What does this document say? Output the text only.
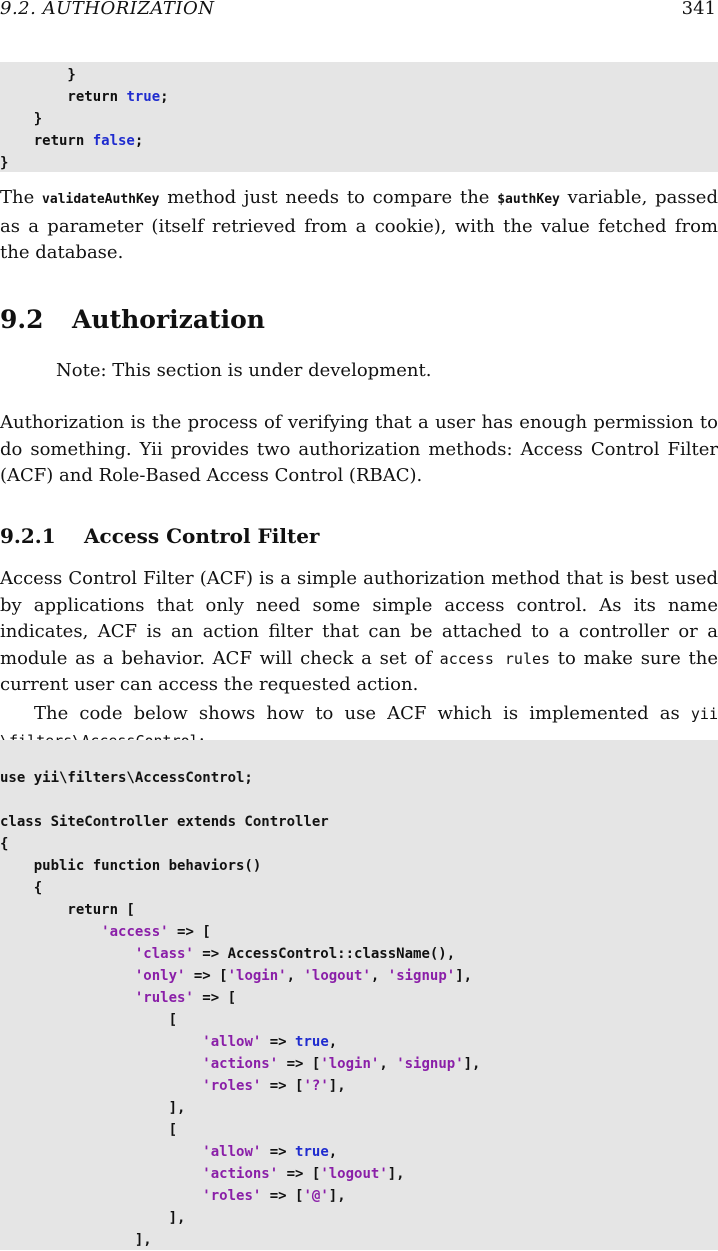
9.2. AUTHORIZATION	341
}
return true;
}
return false;
}
The validateAuthKey method just needs to compare the $authKey variable, passed as a parameter (itself retrieved from a cookie), with the value fetched from the database.
9.2 Authorization
Note: This section is under development.
Authorization is the process of verifying that a user has enough permission to do something. Yii provides two authorization methods: Access Control Filter (ACF) and Role-Based Access Control (RBAC).
9.2.1 Access Control Filter
Access Control Filter (ACF) is a simple authorization method that is best used by applications that only need some simple access control. As its name indicates, ACF is an action filter that can be attached to a controller or a module as a behavior. ACF will check a set of access rules to make sure the current user can access the requested action.
The code below shows how to use ACF which is implemented as yii
use yii\filters\AccessControl;
class SiteController extends Controller
{
public function behaviors()
{
return [
'access' => [
'class' => AccessControl::className(),
'only' => ['login', 'logout', 'signup'],
'rules' => [
[
'allow' => true,
'actions' => ['login', 'signup'],
'roles' => ['?'],
],
[
'allow' => true,
'actions' => ['logout'],
'roles' => ['@'],
],
],
